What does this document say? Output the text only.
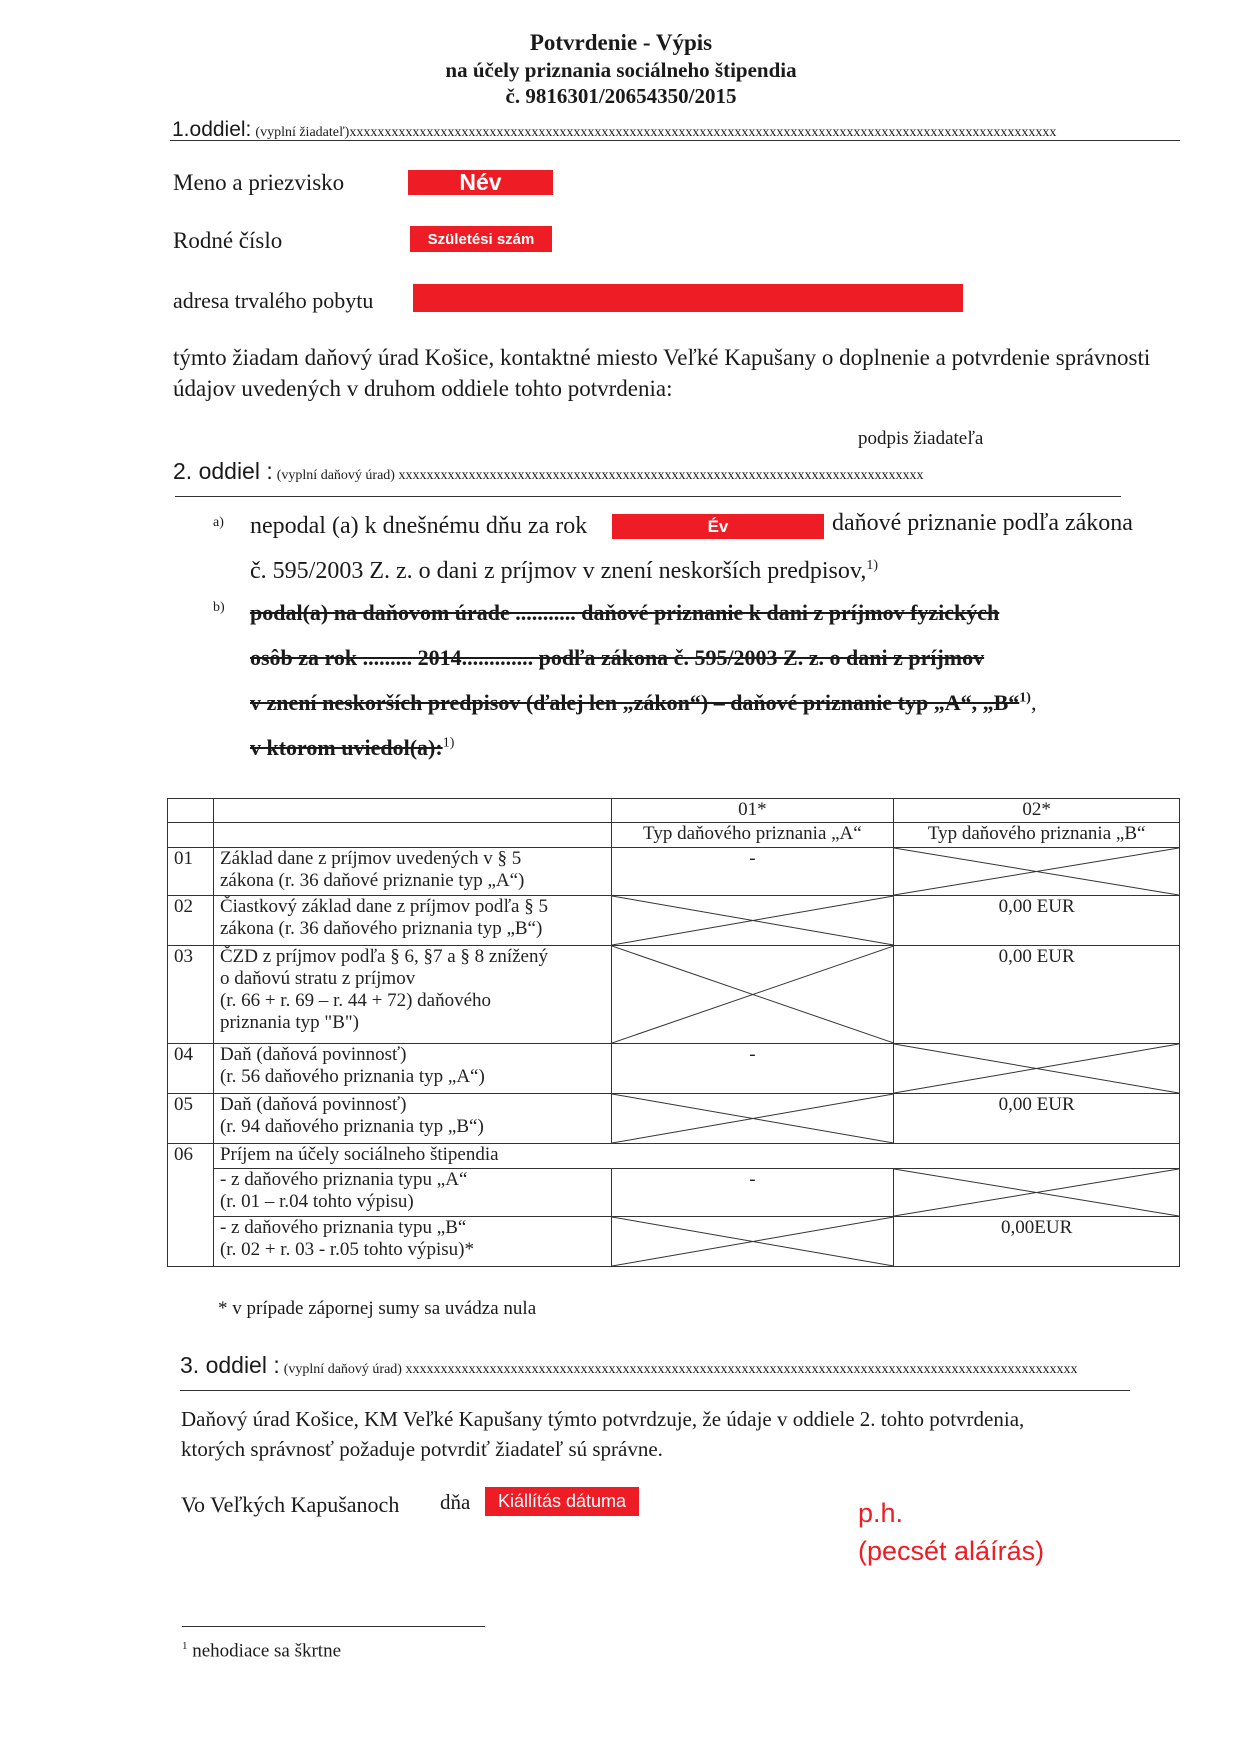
Potvrdenie - Výpis
na účely priznania sociálneho štipendia
č. 9816301/20654350/2015
1.oddiel: (vyplní žiadateľ)xxxxxxxxxxxxxxxxxxxxxxxxxxxxxxxxxxxxxxxxxxxxxxxxxxxxxxxxxxxxxxxxxxxxxxxxxxxxxxxxxxxxxxxxxxxxxxxxxxxxx
Meno a priezvisko	Név
Rodné číslo	Születési szám
adresa trvalého pobytu
týmto žiadam daňový úrad Košice, kontaktné miesto Veľké Kapušany o doplnenie a potvrdenie správnosti údajov uvedených v druhom oddiele tohto potvrdenia:
podpis žiadateľa
2. oddiel : (vyplní daňový úrad) xxxxxxxxxxxxxxxxxxxxxxxxxxxxxxxxxxxxxxxxxxxxxxxxxxxxxxxxxxxxxxxxxxxxxxxxxxx
a) nepodal (a) k dnešnému dňu za rok	Év	daňové priznanie podľa zákona
č. 595/2003 Z. z. o dani z príjmov v znení neskorších predpisov,$^{1)}$
b) podal(a) na daňovom úrade ........... daňové priznanie k dani z príjmov fyzických
osôb za rok ......... 2014............. podľa zákona č. 595/2003 Z. z. o dani z príjmov
v znení neskorších predpisov (ďalej len „zákon“) – daňové priznanie typ „A“, „B“$^{1)}$,
v ktorom uviedol(a):$^{1)}$
		01*	02*
		Typ daňového priznania „A“	Typ daňového priznania „B“
01	Základ dane z príjmov uvedených v § 5
zákona (r. 36 daňové priznanie typ „A“)	-	

02	Čiastkový základ dane z príjmov podľa § 5
zákona (r. 36 daňového priznania typ „B“)		0,00 EUR
03	ČZD z príjmov podľa § 6, §7 a § 8 znížený
o daňovú stratu z príjmov
(r. 66 + r. 69 – r. 44 + 72) daňového
priznania typ "B")		0,00 EUR
04	Daň (daňová povinnosť)
(r. 56 daňového priznania typ „A“)	-	

05	Daň (daňová povinnosť)
(r. 94 daňového priznania typ „B“)		0,00 EUR
06	Príjem na účely sociálneho štipendia		

	- z daňového priznania typu „A“
(r. 01 – r.04 tohto výpisu)	-	

	- z daňového priznania typu „B“
(r. 02 + r. 03 - r.05 tohto výpisu)*		0,00EUR
* v prípade zápornej sumy sa uvádza nula
3. oddiel : (vyplní daňový úrad) xxxxxxxxxxxxxxxxxxxxxxxxxxxxxxxxxxxxxxxxxxxxxxxxxxxxxxxxxxxxxxxxxxxxxxxxxxxxxxxxxxxxxxxxxxxxxxxx
Daňový úrad Košice, KM Veľké Kapušany týmto potvrdzuje, že údaje v oddiele 2. tohto potvrdenia,
ktorých správnosť požaduje potvrdiť žiadateľ sú správne.
Vo Veľkých Kapušanoch dňa	Kiállítás dátuma	p.h.
(pecsét aláírás)
$^1$ nehodiace sa škrtne
